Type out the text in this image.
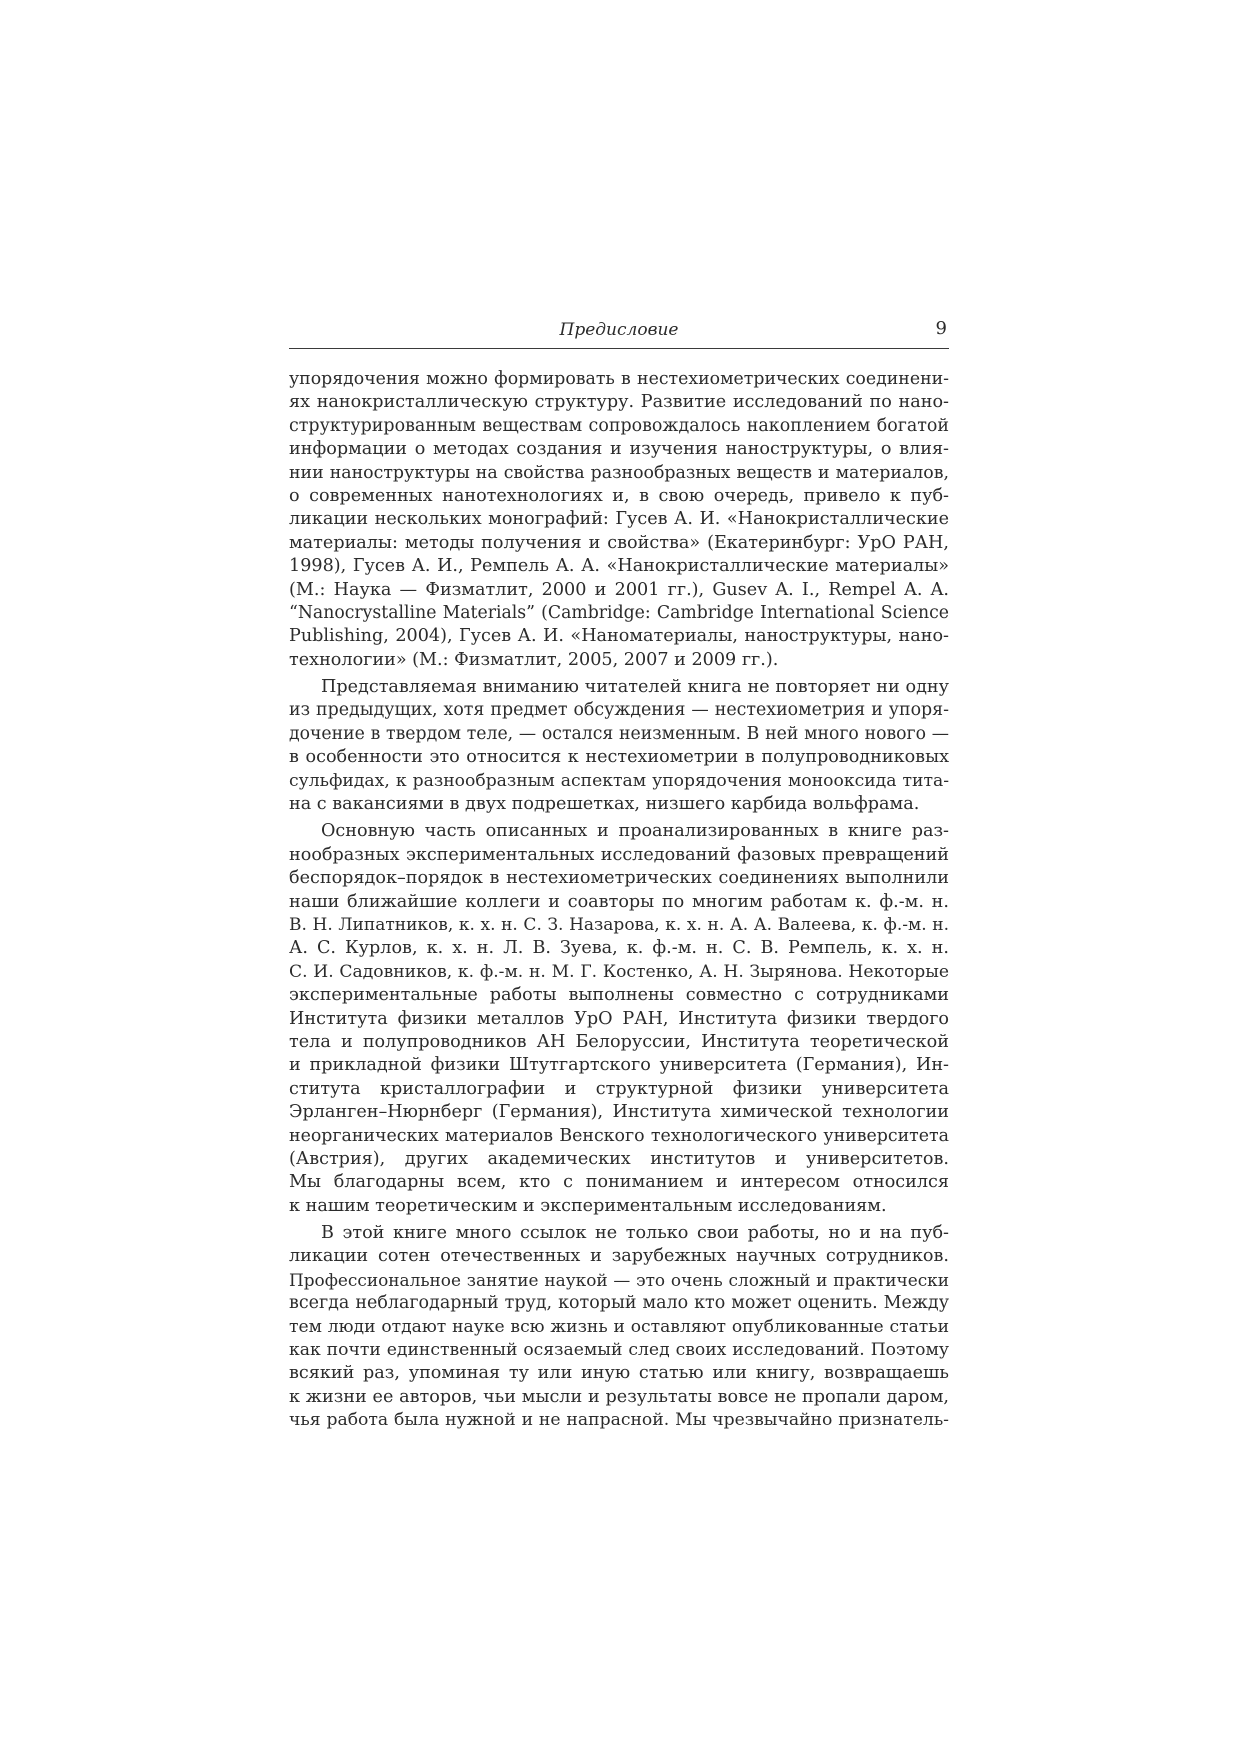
Предисловие	9
упорядочения можно формировать в нестехиометрических соединени-
ях нанокристаллическую структуру. Развитие исследований по нано-
структурированным веществам сопровождалось накоплением богатой
информации о методах создания и изучения наноструктуры, о влия-
нии наноструктуры на свойства разнообразных веществ и материалов,
о современных нанотехнологиях и, в свою очередь, привело к пуб-
ликации нескольких монографий: Гусев А. И. «Нанокристаллические
материалы: методы получения и свойства» (Екатеринбург: УрО РАН,
1998), Гусев А. И., Ремпель А. А. «Нанокристаллические материалы»
(М.: Наука — Физматлит, 2000 и 2001 гг.), Gusev A. I., Rempel A. A.
“Nanocrystalline Materials” (Cambridge: Cambridge International Science
Publishing, 2004), Гусев А. И. «Наноматериалы, наноструктуры, нано-
технологии» (М.: Физматлит, 2005, 2007 и 2009 гг.).
Представляемая вниманию читателей книга не повторяет ни одну
из предыдущих, хотя предмет обсуждения — нестехиометрия и упоря-
дочение в твердом теле, — остался неизменным. В ней много нового —
в особенности это относится к нестехиометрии в полупроводниковых
сульфидах, к разнообразным аспектам упорядочения монооксида тита-
на с вакансиями в двух подрешетках, низшего карбида вольфрама.
Основную часть описанных и проанализированных в книге раз-
нообразных экспериментальных исследований фазовых превращений
беспорядок–порядок в нестехиометрических соединениях выполнили
наши ближайшие коллеги и соавторы по многим работам к. ф.-м. н.
В. Н. Липатников, к. х. н. С. З. Назарова, к. х. н. А. А. Валеева, к. ф.-м. н.
А. С. Курлов, к. х. н. Л. В. Зуева, к. ф.-м. н. С. В. Ремпель, к. х. н.
С. И. Садовников, к. ф.-м. н. М. Г. Костенко, А. Н. Зырянова. Некоторые
экспериментальные работы выполнены совместно с сотрудниками
Института физики металлов УрО РАН, Института физики твердого
тела и полупроводников АН Белоруссии, Института теоретической
и прикладной физики Штутгартского университета (Германия), Ин-
ститута кристаллографии и структурной физики университета
Эрланген–Нюрнберг (Германия), Института химической технологии
неорганических материалов Венского технологического университета
(Австрия), других академических институтов и университетов.
Мы благодарны всем, кто с пониманием и интересом относился
к нашим теоретическим и экспериментальным исследованиям.
В этой книге много ссылок не только свои работы, но и на пуб-
ликации сотен отечественных и зарубежных научных сотрудников.
Профессиональное занятие наукой — это очень сложный и практически
всегда неблагодарный труд, который мало кто может оценить. Между
тем люди отдают науке всю жизнь и оставляют опубликованные статьи
как почти единственный осязаемый след своих исследований. Поэтому
всякий раз, упоминая ту или иную статью или книгу, возвращаешь
к жизни ее авторов, чьи мысли и результаты вовсе не пропали даром,
чья работа была нужной и не напрасной. Мы чрезвычайно признатель-
